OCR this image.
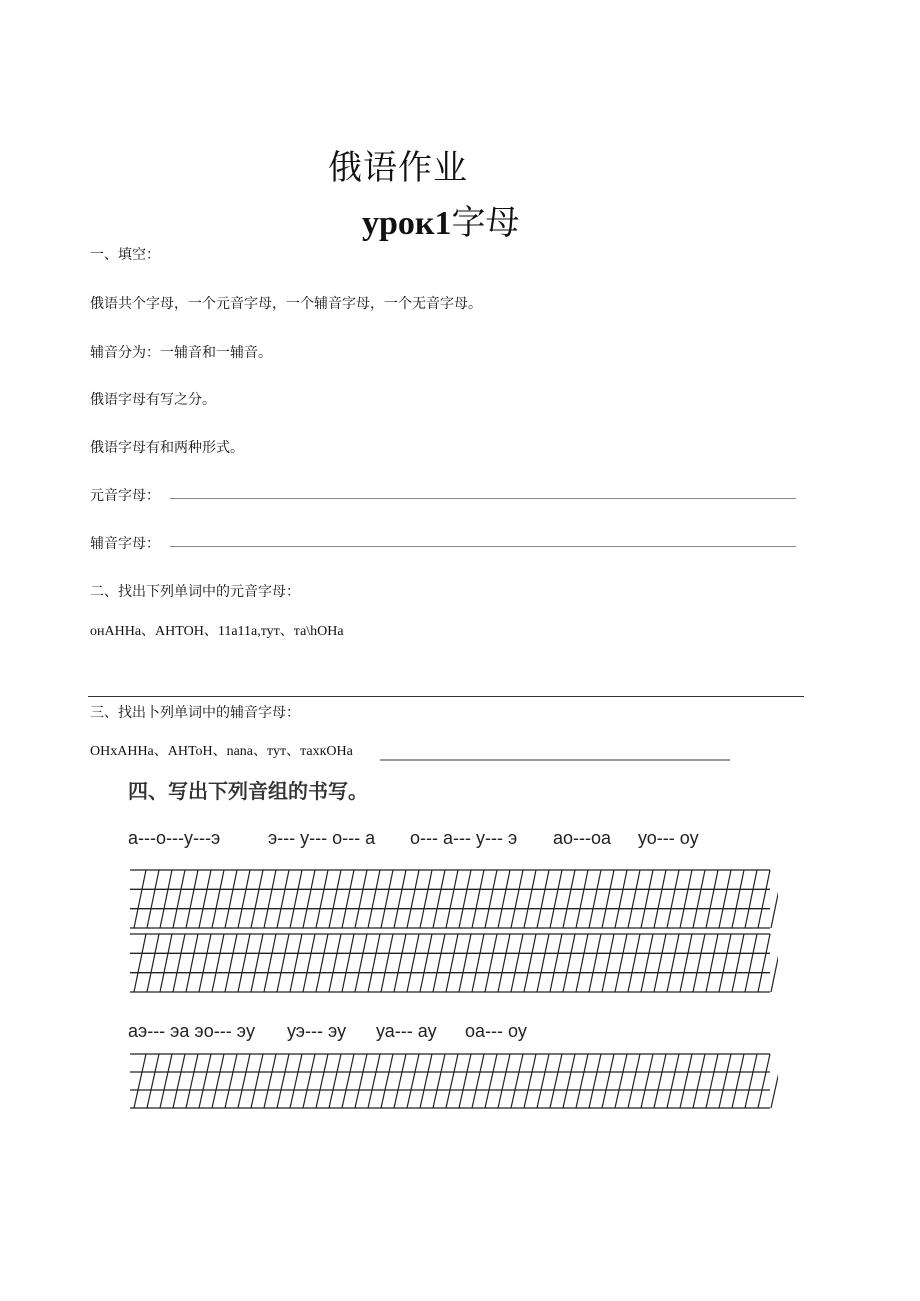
俄语作业
урок1字母
一、填空：
俄语共个字母，一个元音字母，一个辅音字母，一个无音字母。
辅音分为：一辅音和一辅音。
俄语字母有写之分。
俄语字母有和两种形式。
元音字母：
辅音字母：
二、找出下列单词中的元音字母：
онАННа、АНТОН、11а11а,тут、та\hОНа
三、找出卜列单词中的辅音字母：
ОНхАННа、АНТоН、nana、тут、тахкОНа
四、写出下列音组的书写。
а---о---у---э	э--- у--- о--- а о--- а--- у--- э ао---оа уо--- оу
аэ--- эа эо--- эу уэ--- эу уа--- ау оа--- оу
